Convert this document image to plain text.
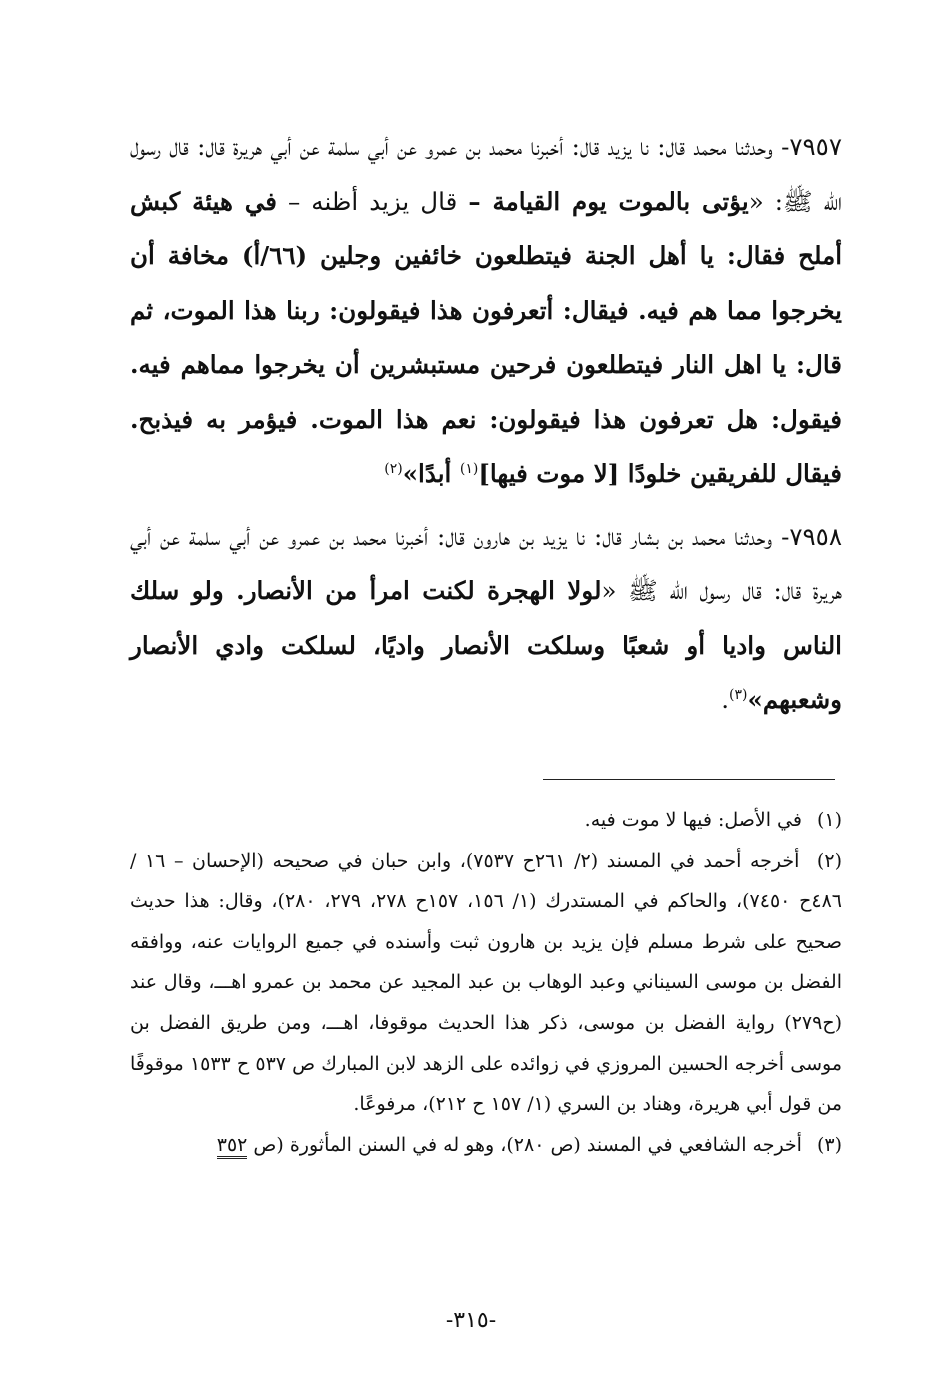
٧٩٥٧- وحدثنا محمد قال: نا يزيد قال: أخبرنا محمد بن عمرو عن أبي سلمة عن أبي هريرة قال: قال رسول الله ﷺ: «يؤتى بالموت يوم القيامة – قال يزيد أظنه – في هيئة كبش أملح فقال: يا أهل الجنة فيتطلعون خائفين وجلين (٦٦/أ) مخافة أن يخرجوا مما هم فيه. فيقال: أتعرفون هذا فيقولون: ربنا هذا الموت، ثم قال: يا اهل النار فيتطلعون فرحين مستبشرين أن يخرجوا مماهم فيه. فيقول: هل تعرفون هذا فيقولون: نعم هذا الموت. فيؤمر به فيذبح. فيقال للفريقين خلودًا [لا موت فيها]$^{(١)}$ أبدًا»$^{(٢)}$

٧٩٥٨- وحدثنا محمد بن بشار قال: نا يزيد بن هارون قال: أخبرنا محمد بن عمرو عن أبي سلمة عن أبي هريرة قال: قال رسول الله ﷺ «لولا الهجرة لكنت امرأ من الأنصار. ولو سلك الناس واديا أو شعبًا وسلكت الأنصار واديًا، لسلكت وادي الأنصار وشعبهم»$^{(٣)}$.

(١) في الأصل: فيها لا موت فيه.

(٢) أخرجه أحمد في المسند (٢/ ٢٦١ح ٧٥٣٧)، وابن حبان في صحيحه (الإحسان – ١٦ / ٤٨٦ح ٧٤٥٠)، والحاكم في المستدرك (١/ ١٥٦، ١٥٧ح ٢٧٨، ٢٧٩، ٢٨٠)، وقال: هذا حديث صحيح على شرط مسلم فإن يزيد بن هارون ثبت وأسنده في جميع الروايات عنه، ووافقه الفضل بن موسى السيناني وعبد الوهاب بن عبد المجيد عن محمد بن عمرو اهـــ، وقال عند (ح٢٧٩) رواية الفضل بن موسى، ذكر هذا الحديث موقوفا، اهـــ، ومن طريق الفضل بن موسى أخرجه الحسين المروزي في زوائده على الزهد لابن المبارك ص ٥٣٧ ح ١٥٣٣ موقوفًا من قول أبي هريرة، وهناد بن السري (١/ ١٥٧ ح ٢١٢)، مرفوعًا.

(٣) أخرجه الشافعي في المسند (ص ٢٨٠)، وهو له في السنن المأثورة (ص ٣٥٢

-٣١٥-
